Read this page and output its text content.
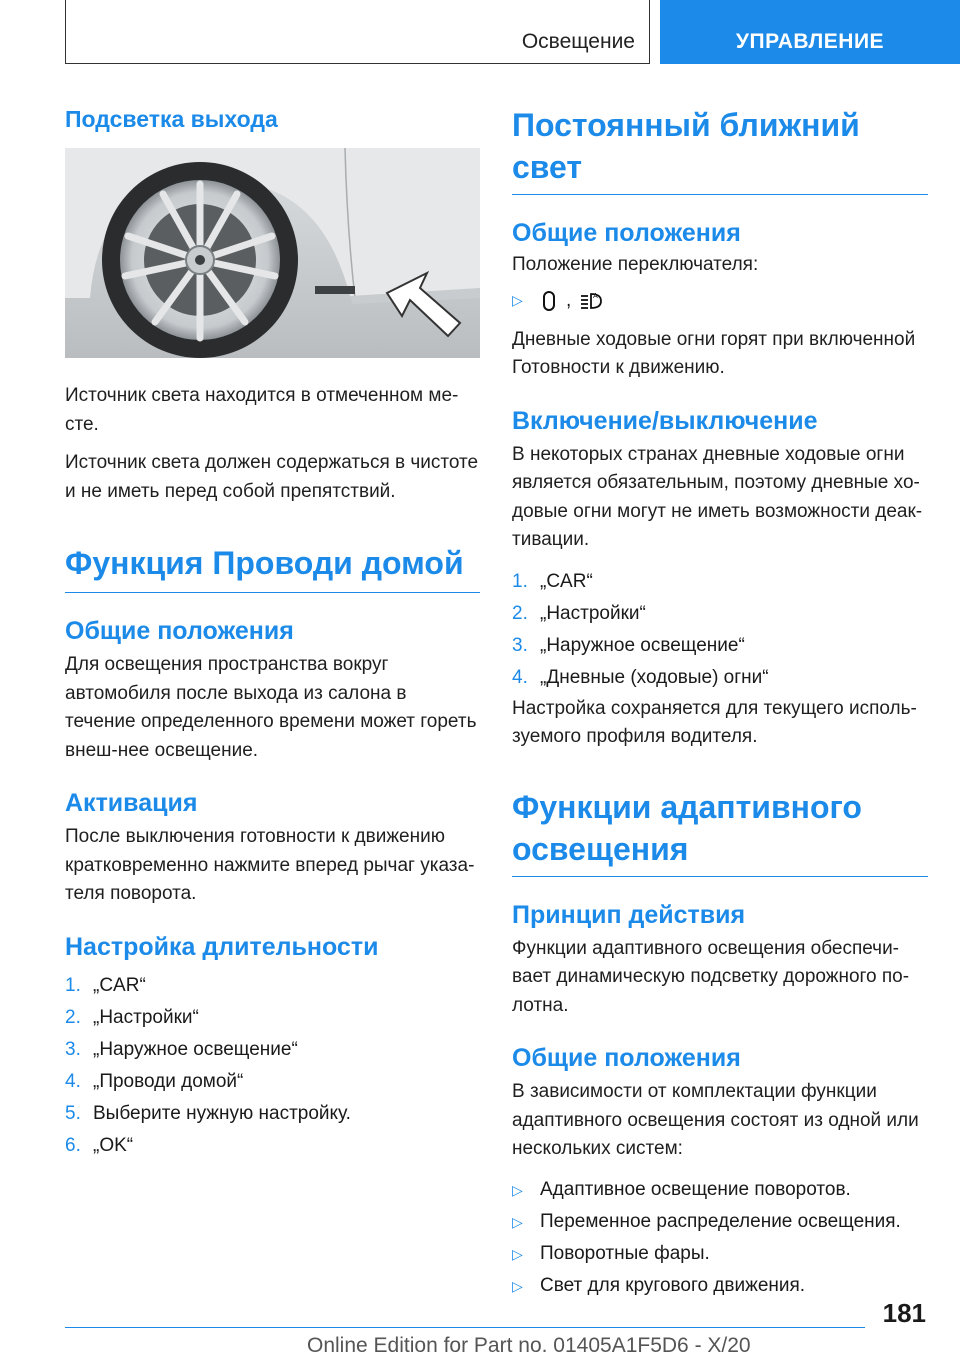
Освещение	УПРАВЛЕНИЕ
Подсветка выхода

Источник света находится в отмеченном ме-сте.

Источник света должен содержаться в чистоте и не иметь перед собой препятствий.

Функция Проводи домой
Общие положения

Для освещения пространства вокруг автомобиля после выхода из салона в течение определенного времени может гореть внеш-нее освещение.

Активация

После выключения готовности к движению кратковременно нажмите вперед рычаг указа-теля поворота.

Настройка длительности
1. „CAR“
2. „Настройки“
3. „Наружное освещение“
4. „Проводи домой“
5. Выберите нужную настройку.
6. „OK“
Постоянный ближний свет
Общие положения

Положение переключателя:

▷	,	A

Дневные ходовые огни горят при включенной Готовности к движению.

Включение/выключение

В некоторых странах дневные ходовые огни является обязательным, поэтому дневные хо-довые огни могут не иметь возможности деак-тивации.

1. „CAR“
2. „Настройки“
3. „Наружное освещение“
4. „Дневные (ходовые) огни“

Настройка сохраняется для текущего исполь-зуемого профиля водителя.

Функции адаптивного освещения
Принцип действия

Функции адаптивного освещения обеспечи-вает динамическую подсветку дорожного по-лотна.

Общие положения

В зависимости от комплектации функции адаптивного освещения состоят из одной или нескольких систем:

▷ Адаптивное освещение поворотов.
▷ Переменное распределение освещения.
▷ Поворотные фары.
▷ Свет для кругового движения.
181
Online Edition for Part no. 01405A1F5D6 - X/20
